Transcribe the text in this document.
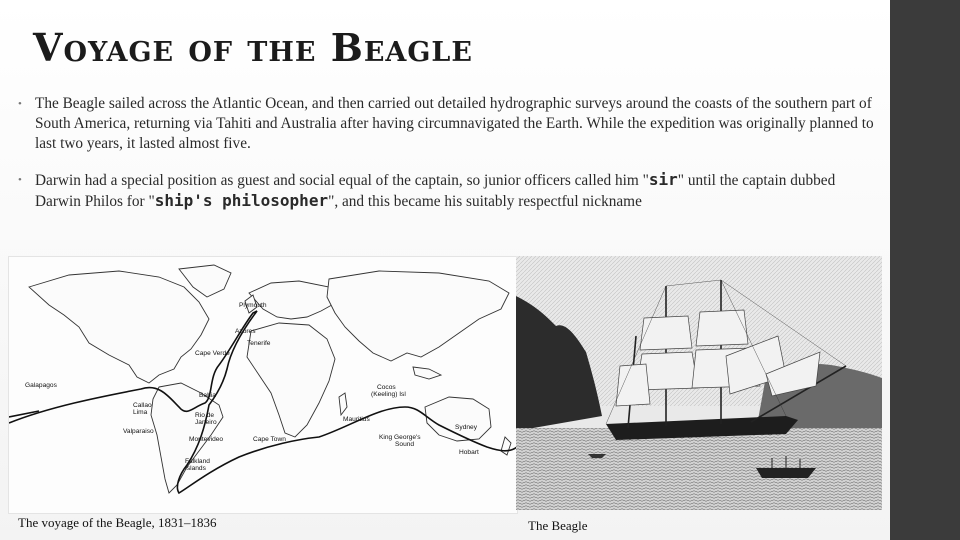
Voyage of the Beagle
• The Beagle sailed across the Atlantic Ocean, and then carried out detailed hydrographic surveys around the coasts of the southern part of South America, returning via Tahiti and Australia after having circumnavigated the Earth. While the expedition was originally planned to last two years, it lasted almost five.
• Darwin had a special position as guest and social equal of the captain, so junior officers called him "sir" until the captain dubbed Darwin Philos for "ship's philosopher", and this became his suitably respectful nickname
Plymouth
Azores
Tenerife
Cape Verde
Galapagos
Bahia
Callao
Lima	Rio de
Janeiro
Valparaiso
Montevideo
Falkland
Islands
Cape Town
Mauritius
Cocos
(Keeling) Isl
Sydney
King George's
Sound
Hobart
The voyage of the Beagle, 1831–1836	The Beagle
